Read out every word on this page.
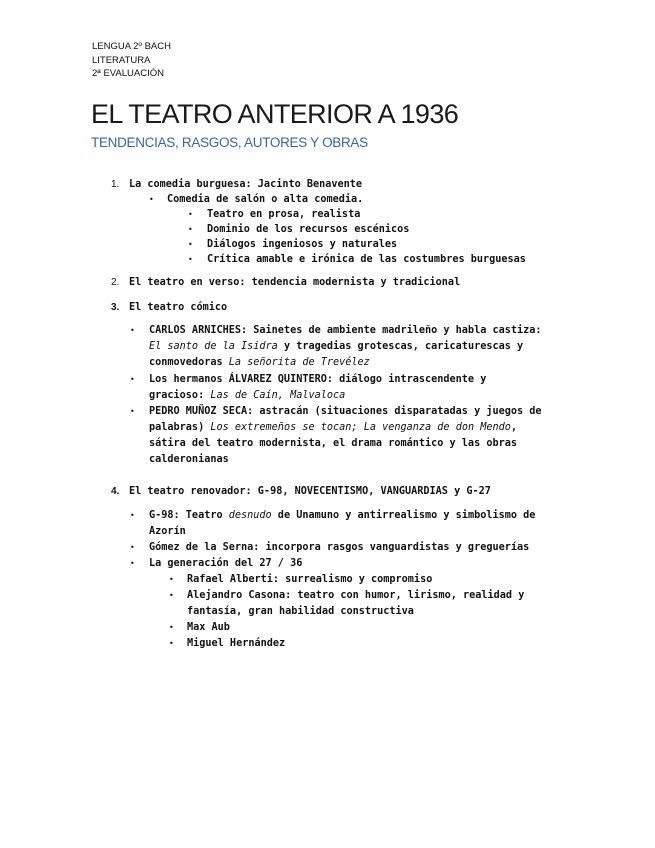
LENGUA 2º BACH
LITERATURA
2ª EVALUACIÓN
EL TEATRO ANTERIOR A 1936
TENDENCIAS, RASGOS, AUTORES Y OBRAS
1. La comedia burguesa: Jacinto Benavente
• Comedia de salón o alta comedia.
• Teatro en prosa, realista
• Dominio de los recursos escénicos
• Diálogos ingeniosos y naturales
• Crítica amable e irónica de las costumbres burguesas
2. El teatro en verso: tendencia modernista y tradicional
3. El teatro cómico
• CARLOS ARNICHES: Sainetes de ambiente madrileño y habla castiza:
El santo de la Isidra y tragedias grotescas, caricaturescas y
conmovedoras La señorita de Trevélez
• Los hermanos ÁLVAREZ QUINTERO: diálogo intrascendente y
gracioso: Las de Caín, Malvaloca
• PEDRO MUÑOZ SECA: astracán (situaciones disparatadas y juegos de
palabras) Los extremeños se tocan; La venganza de don Mendo,
sátira del teatro modernista, el drama romántico y las obras
calderonianas
4. El teatro renovador: G-98, NOVECENTISMO, VANGUARDIAS y G-27
• G-98: Teatro desnudo de Unamuno y antirrealismo y simbolismo de
Azorín
• Gómez de la Serna: incorpora rasgos vanguardistas y greguerías
• La generación del 27 / 36
• Rafael Alberti: surrealismo y compromiso
• Alejandro Casona: teatro con humor, lirismo, realidad y
fantasía, gran habilidad constructiva
• Max Aub
• Miguel Hernández
